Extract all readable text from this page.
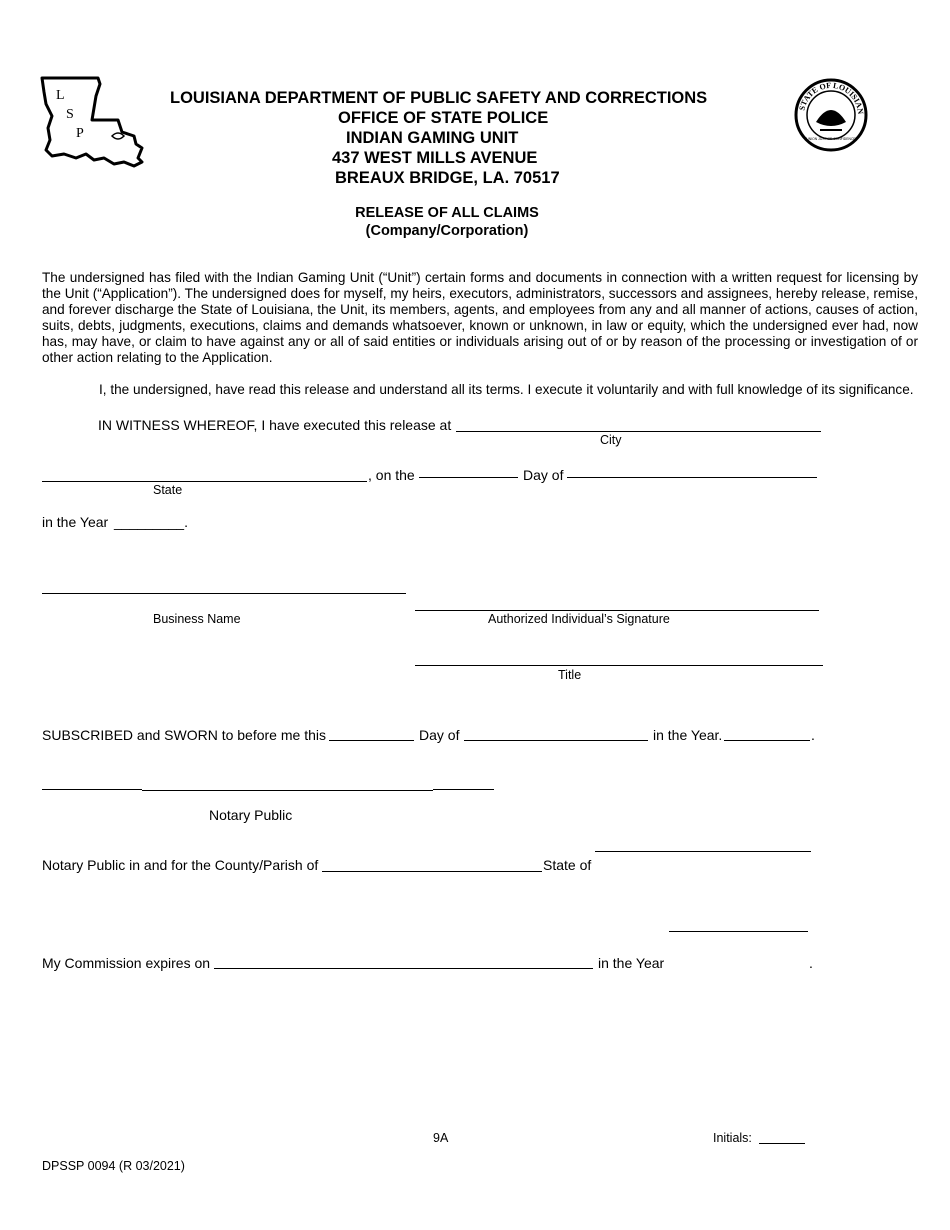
L
S
P
STATE OF LOUISIAN
UNION JUSTICE CONFIDENCE
LOUISIANA DEPARTMENT OF PUBLIC SAFETY AND CORRECTIONS
OFFICE OF STATE POLICE
INDIAN GAMING UNIT
437 WEST MILLS AVENUE
BREAUX BRIDGE, LA. 70517
RELEASE OF ALL CLAIMS
(Company/Corporation)
The undersigned has filed with the Indian Gaming Unit (“Unit”) certain forms and documents in connection with a written request for licensing by the Unit (“Application”). The undersigned does for myself, my heirs, executors, administrators, successors and assignees, hereby release, remise, and forever discharge the State of Louisiana, the Unit, its members, agents, and employees from any and all manner of actions, causes of action, suits, debts, judgments, executions, claims and demands whatsoever, known or unknown, in law or equity, which the undersigned ever had, now has, may have, or claim to have against any or all of said entities or individuals arising out of or by reason of the processing or investigation of or other action relating to the Application.
I, the undersigned, have read this release and understand all its terms. I execute it voluntarily and with full knowledge of its significance.
IN WITNESS WHEREOF, I have executed this release at
City
, on the	Day of
State
in the Year _________.
Business Name	Authorized Individual’s Signature
Title
SUBSCRIBED and SWORN to before me this	Day of	in the Year.	.
Notary Public
Notary Public in and for the County/Parish of	State of
My Commission expires on	in the Year	.
9A	Initials:
DPSSP 0094 (R 03/2021)
